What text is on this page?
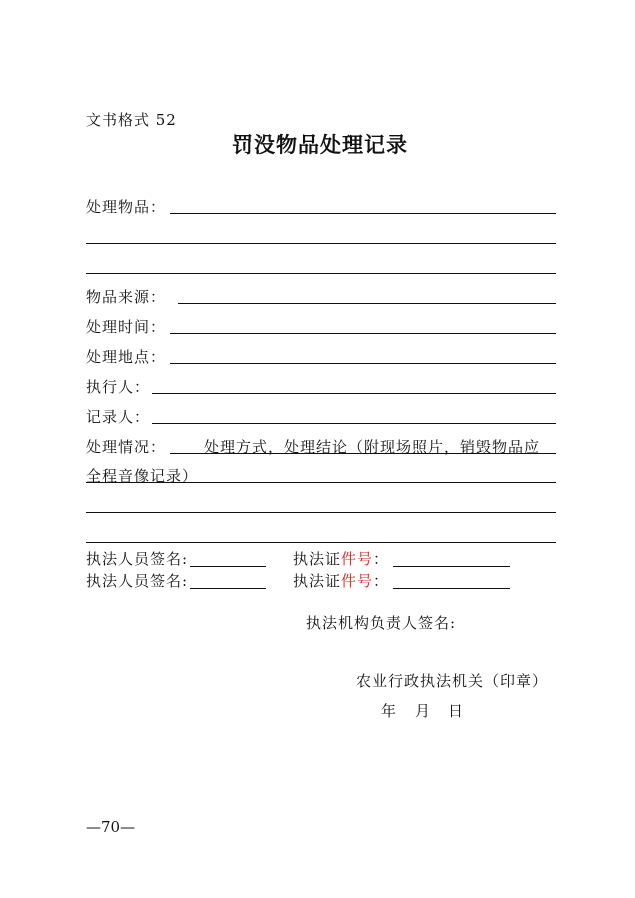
文书格式 52
罚没物品处理记录
处理物品：
物品来源：
处理时间：
处理地点：
执行人：
记录人：
处理情况：	处理方式，处理结论（附现场照片，销毁物品应
全程音像记录）
执法人员签名:	执法证件号：
执法人员签名:	执法证件号：
执法机构负责人签名:
农业行政执法机关（印章）
年 月 日
—70—
